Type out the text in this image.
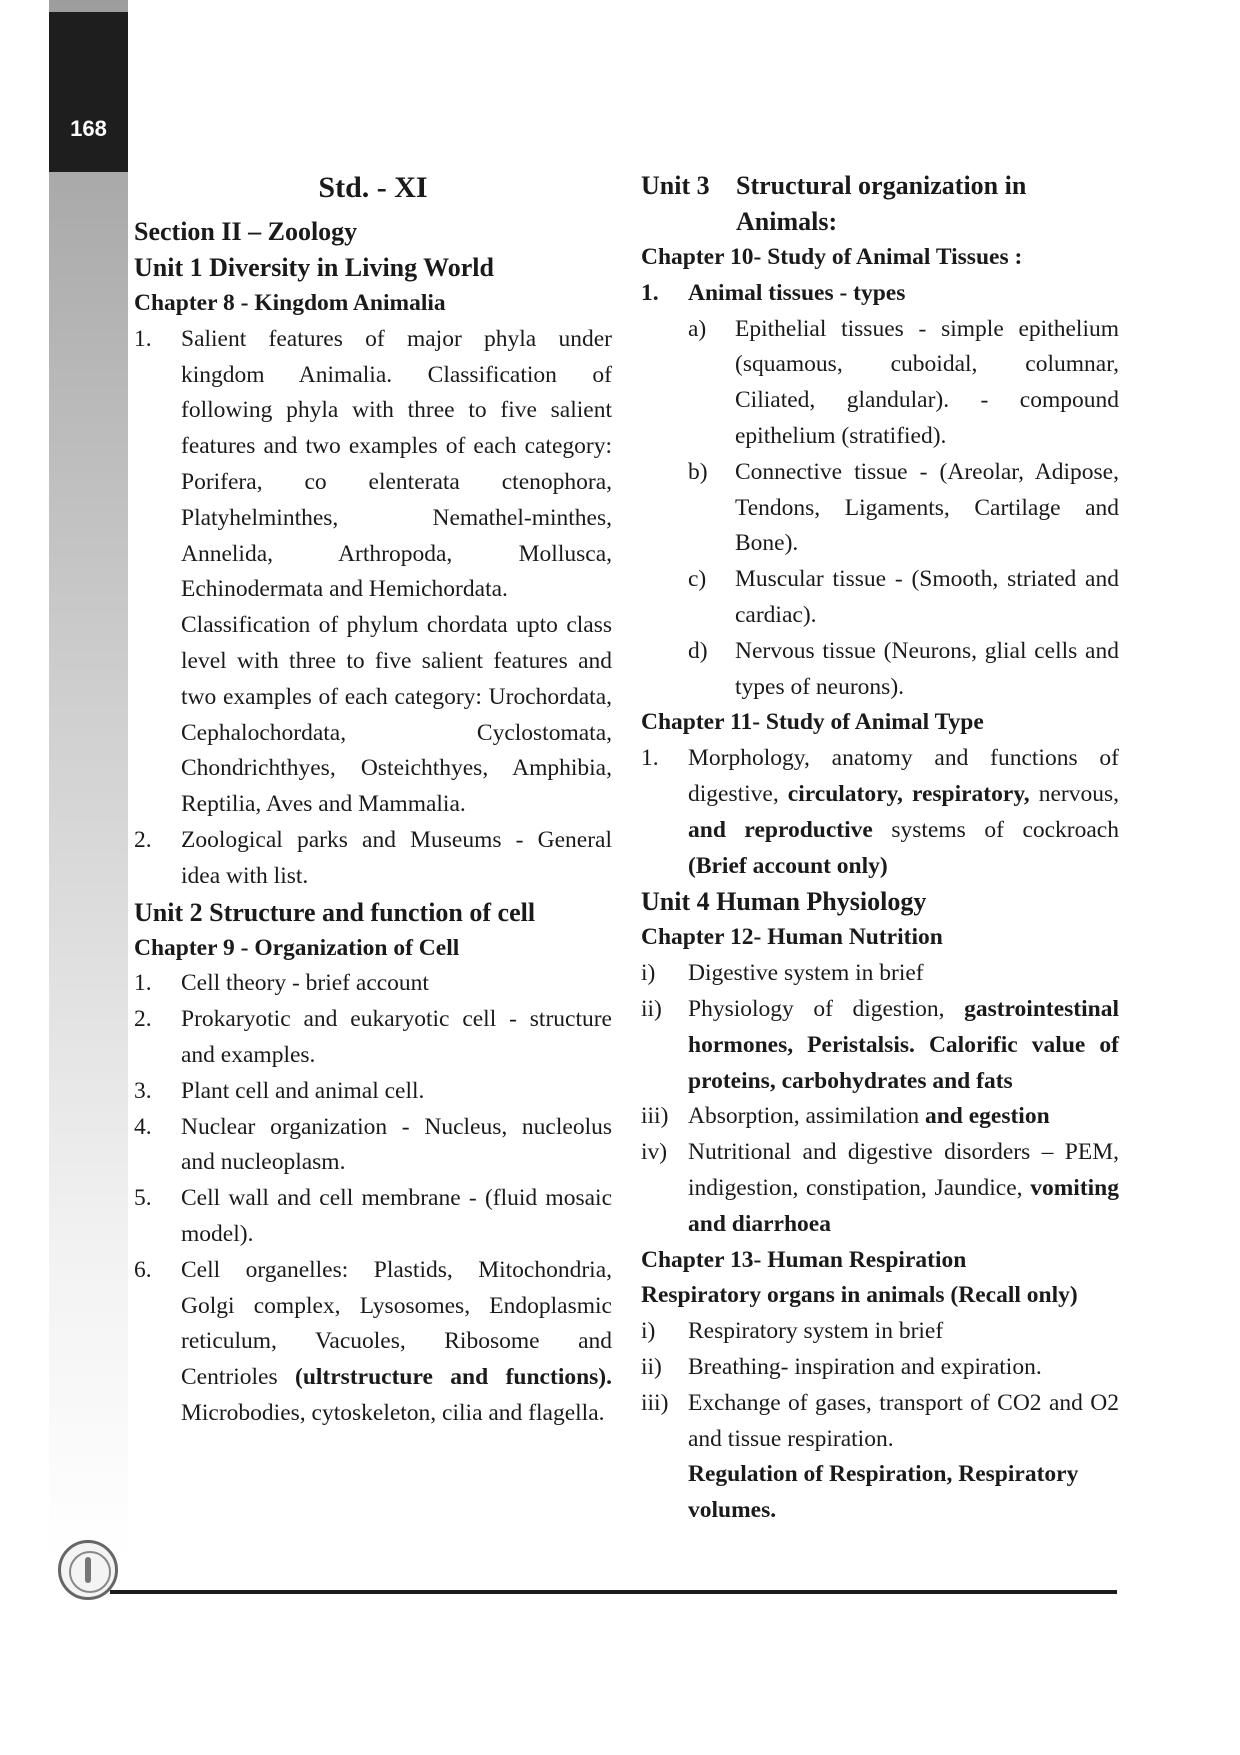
168
Std. - XI
Section II – Zoology
Unit 1 Diversity in Living World
Chapter 8 - Kingdom Animalia
1.	Salient features of major phyla under kingdom Animalia. Classification of following phyla with three to five salient features and two examples of each category: Porifera, co elenterata ctenophora, Platyhelminthes, Nemathel-minthes, Annelida, Arthropoda, Mollusca, Echinodermata and Hemichordata.
Classification of phylum chordata upto class level with three to five salient features and two examples of each category: Urochordata, Cephalochordata, Cyclostomata, Chondrichthyes, Osteichthyes, Amphibia, Reptilia, Aves and Mammalia.
2.	Zoological parks and Museums - General idea with list.
Unit 2 Structure and function of cell
Chapter 9 - Organization of Cell
1.	Cell theory - brief account
2.	Prokaryotic and eukaryotic cell - structure and examples.
3.	Plant cell and animal cell.
4.	Nuclear organization - Nucleus, nucleolus and nucleoplasm.
5.	Cell wall and cell membrane - (fluid mosaic model).
6.	Cell organelles: Plastids, Mitochondria, Golgi complex, Lysosomes, Endoplasmic reticulum, Vacuoles, Ribosome and Centrioles (ultrstructure and functions). Microbodies, cytoskeleton, cilia and flagella.
Unit 3	Structural organization in Animals:
Chapter 10- Study of Animal Tissues :
1.	Animal tissues - types
a)	Epithelial tissues - simple epithelium (squamous, cuboidal, columnar, Ciliated, glandular). - compound epithelium (stratified).
b)	Connective tissue - (Areolar, Adipose, Tendons, Ligaments, Cartilage and Bone).
c)	Muscular tissue - (Smooth, striated and cardiac).
d)	Nervous tissue (Neurons, glial cells and types of neurons).
Chapter 11- Study of Animal Type
1.	Morphology, anatomy and functions of digestive, circulatory, respiratory, nervous, and reproductive systems of cockroach (Brief account only)
Unit 4 Human Physiology
Chapter 12- Human Nutrition
i)	Digestive system in brief
ii)	Physiology of digestion, gastrointestinal hormones, Peristalsis. Calorific value of proteins, carbohydrates and fats
iii) Absorption, assimilation and egestion
iv) Nutritional and digestive disorders – PEM, indigestion, constipation, Jaundice, vomiting and diarrhoea
Chapter 13- Human Respiration
Respiratory organs in animals (Recall only)
i)	Respiratory system in brief
ii)	Breathing- inspiration and expiration.
iii) Exchange of gases, transport of CO2 and O2 and tissue respiration.
Regulation of Respiration, Respiratory volumes.
